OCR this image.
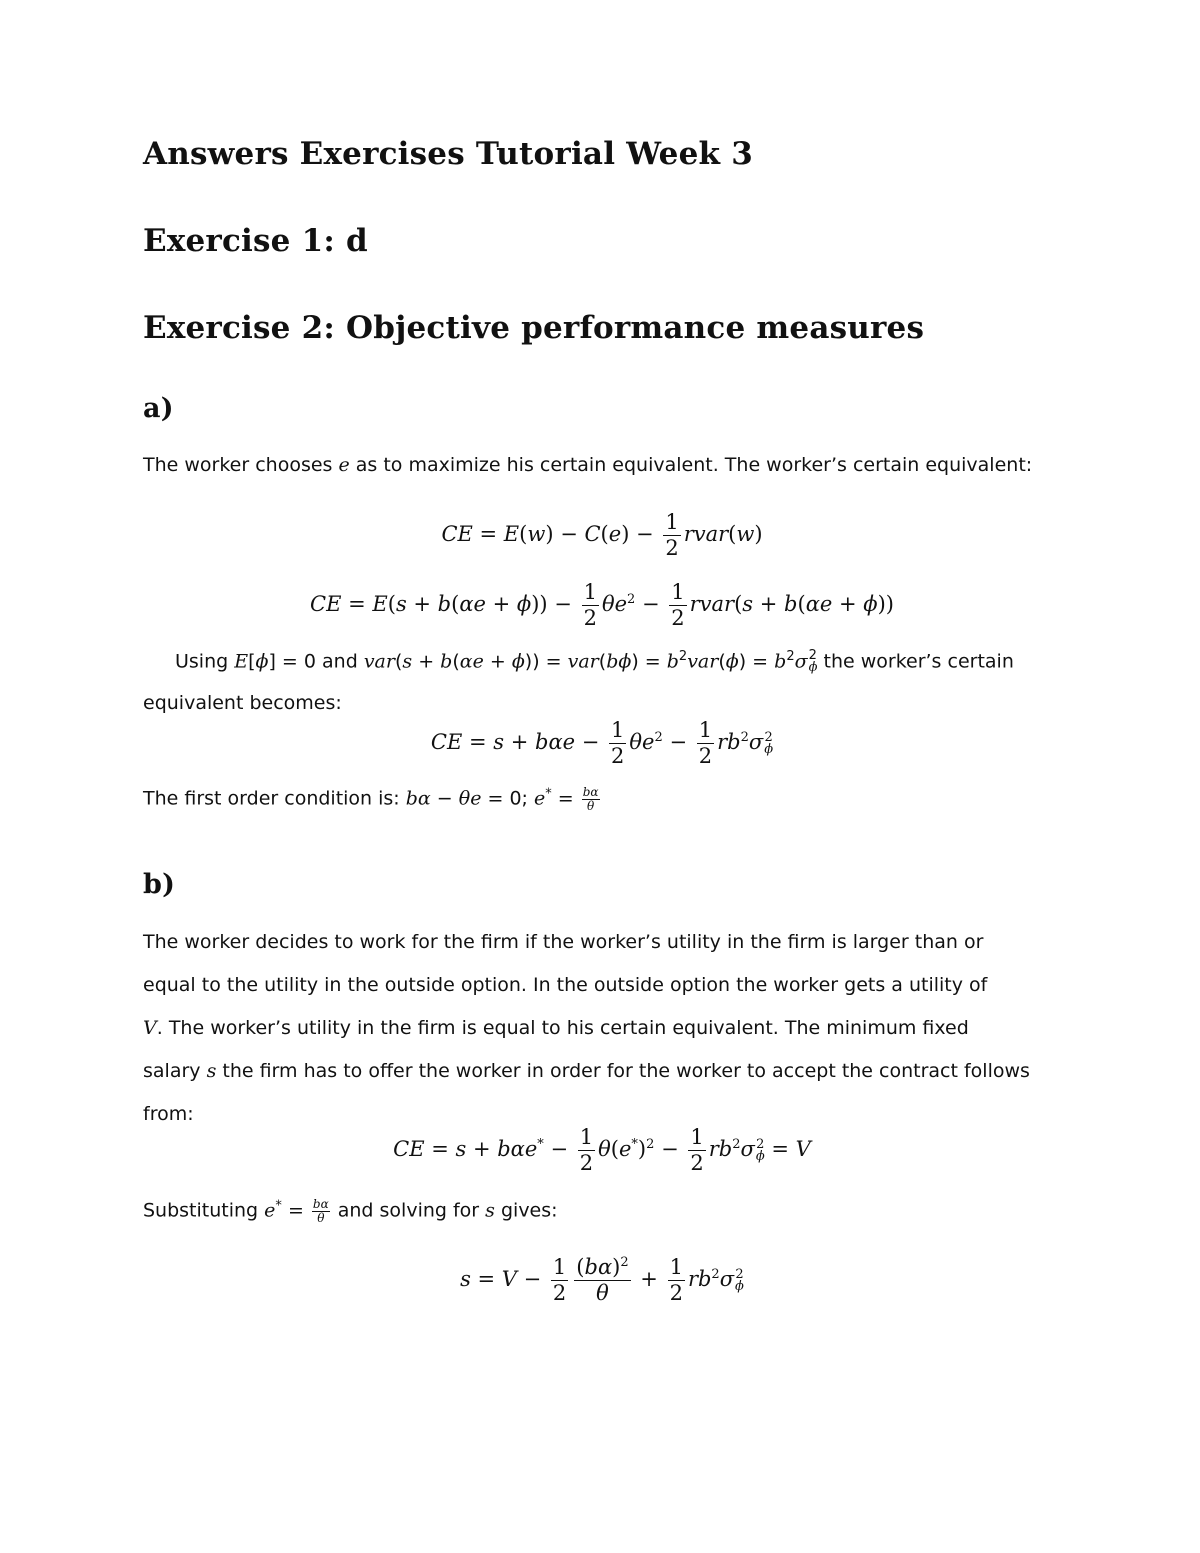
Answers Exercises Tutorial Week 3
Exercise 1: d
Exercise 2: Objective performance measures
a)
The worker chooses e as to maximize his certain equivalent. The worker’s certain equivalent:
CE = $E(w) - C(e) - \frac{1}{2}$ rvar(w)
CE = $E(s + b(\alpha e + \phi)) - \frac{1}{2} \theta e^2 - \frac{1}{2}$ rvar(s + b(αe + ϕ))
Using E[ϕ] = 0 and $var(s + b(\alpha e + \phi)) = var(b\phi) = b^2var(\phi) = b^2\sigma$ 2
ϕ the worker’s certain
equivalent becomes:
CE = $s + b\alpha e - \frac{1}{2} \theta e^2 - \frac{1}{2} rb^2\sigma$ 2
ϕ
The first order condition is: bα − θe = 0; $e^* = \frac{b\alpha}{\theta}$
b)
The worker decides to work for the firm if the worker’s utility in the firm is larger than or
equal to the utility in the outside option. In the outside option the worker gets a utility of
V. The worker’s utility in the firm is equal to his certain equivalent. The minimum fixed
salary s the firm has to offer the worker in order for the worker to accept the contract follows
from:
CE = $s + b\alpha e^* - \frac{1}{2} \theta(e^*)^2 - \frac{1}{2} rb^2\sigma$ 2
ϕ = V
Substituting $e^* = \frac{b\alpha}{\theta}$ and solving for s gives:
$s = V - \frac{1}{2} \frac{(b\alpha)^2}{\theta} + \frac{1}{2} rb^2\sigma$ 2
ϕ
